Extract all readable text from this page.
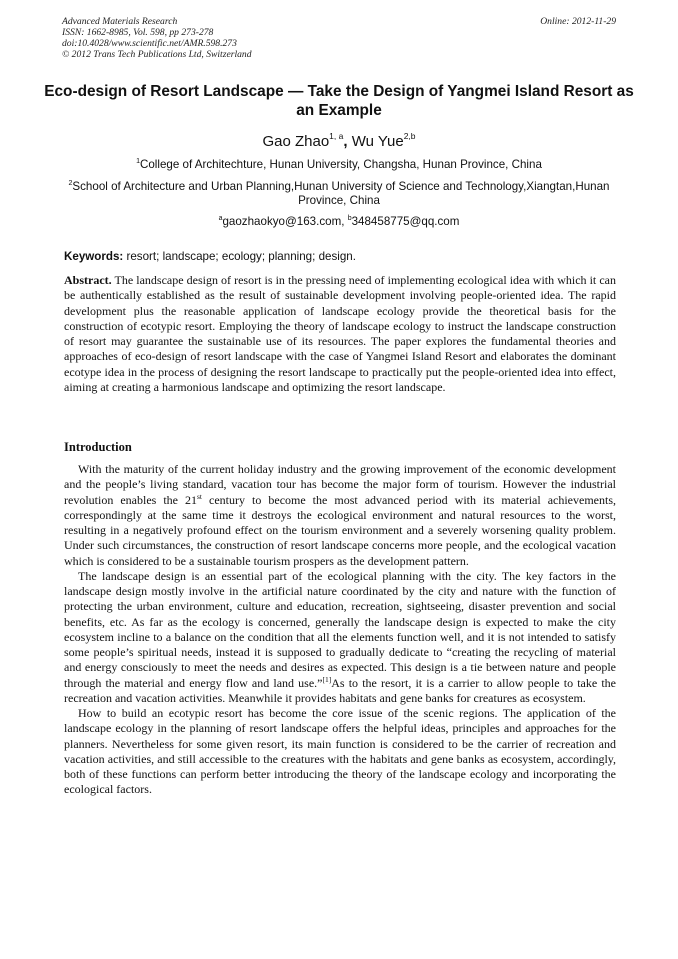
Advanced Materials Research
ISSN: 1662-8985, Vol. 598, pp 273-278
doi:10.4028/www.scientific.net/AMR.598.273
© 2012 Trans Tech Publications Ltd, Switzerland
Online: 2012-11-29
Eco-design of Resort Landscape — Take the Design of Yangmei Island Resort as an Example
Gao Zhao$^{1, a}$, Wu Yue$^{2,b}$
$^1$College of Architechture, Hunan University, Changsha, Hunan Province, China
$^2$School of Architecture and Urban Planning,Hunan University of Science and Technology,Xiangtan,Hunan Province, China
$^a$gaozhaokyo@163.com, $^b$348458775@qq.com
Keywords: resort; landscape; ecology; planning; design.

Abstract. The landscape design of resort is in the pressing need of implementing ecological idea with which it can be authentically established as the result of sustainable development involving people-oriented idea. The rapid development plus the reasonable application of landscape ecology provide the theoretical basis for the construction of ecotypic resort. Employing the theory of landscape ecology to instruct the landscape construction of resort may guarantee the sustainable use of its resources. The paper explores the fundamental theories and approaches of eco-design of resort landscape with the case of Yangmei Island Resort and elaborates the dominant ecotype idea in the process of designing the resort landscape to practically put the people-oriented idea into effect, aiming at creating a harmonious landscape and optimizing the resort landscape.

Introduction

With the maturity of the current holiday industry and the growing improvement of the economic development and the people’s living standard, vacation tour has become the major form of tourism. However the industrial revolution enables the 21st century to become the most advanced period with its material achievements, correspondingly at the same time it destroys the ecological environment and natural resources to the worst, resulting in a negatively profound effect on the tourism environment and a severely worsening quality problem. Under such circumstances, the construction of resort landscape concerns more people, and the ecological vacation which is considered to be a sustainable tourism prospers as the development pattern.

The landscape design is an essential part of the ecological planning with the city. The key factors in the landscape design mostly involve in the artificial nature coordinated by the city and nature with the function of protecting the urban environment, culture and education, recreation, sightseeing, disaster prevention and social benefits, etc. As far as the ecology is concerned, generally the landscape design is expected to make the city ecosystem incline to a balance on the condition that all the elements function well, and it is not intended to satisfy some people’s spiritual needs, instead it is supposed to gradually dedicate to “creating the recycling of material and energy consciously to meet the needs and desires as expected. This design is a tie between nature and people through the material and energy flow and land use.”[1]As to the resort, it is a carrier to allow people to take the recreation and vacation activities. Meanwhile it provides habitats and gene banks for creatures as ecosystem.

How to build an ecotypic resort has become the core issue of the scenic regions. The application of the landscape ecology in the planning of resort landscape offers the helpful ideas, principles and approaches for the planners. Nevertheless for some given resort, its main function is considered to be the carrier of recreation and vacation activities, and still accessible to the creatures with the habitats and gene banks as ecosystem, accordingly, both of these functions can perform better introducing the theory of the landscape ecology and incorporating the ecological factors.
